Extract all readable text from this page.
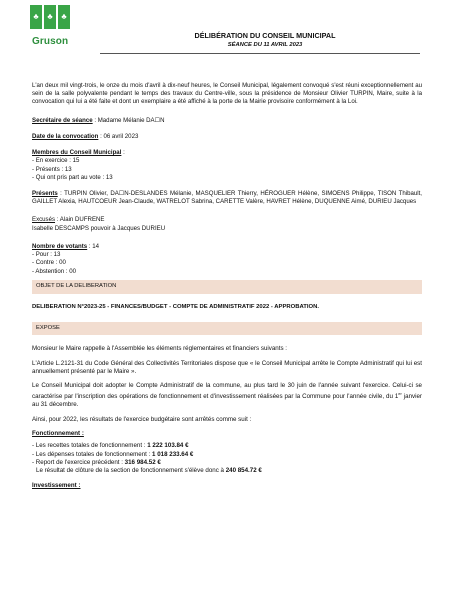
♣ ♣ ♣
Gruson
DÉLIBÉRATION DU CONSEIL MUNICIPAL
SÉANCE DU 11 AVRIL 2023

L'an deux mil vingt-trois, le onze du mois d'avril à dix-neuf heures, le Conseil Municipal, légalement convoqué s'est réuni exceptionnellement au sein de la salle polyvalente pendant le temps des travaux du Centre-ville, sous la présidence de Monsieur Olivier TURPIN, Maire, suite à la convocation qui lui a été faite et dont un exemplaire a été affiché à la porte de la Mairie provisoire conformément à la Loi.

Secrétaire de séance : Madame Mélanie DA☐N
Date de la convocation : 06 avril 2023
Membres du Conseil Municipal :
- En exercice : 15
- Présents : 13
- Qui ont pris part au vote : 13

Présents : TURPIN Olivier, DA☐N-DESLANDES Mélanie, MASQUELIER Thierry, HÉROGUER Hélène, SIMOENS Philippe, TISON Thibault, GAILLET Alexia, HAUTCOEUR Jean-Claude, WATRELOT Sabrina, CARETTE Valère, HAVRET Hélène, DUQUENNE Aimé, DURIEU Jacques

Excusés : Alain DUFRENE
Isabelle DESCAMPS pouvoir à Jacques DURIEU
Nombre de votants : 14
- Pour : 13
- Contre : 00
- Abstention : 00
OBJET DE LA DELIBERATION
DELIBERATION N°2023-25 - FINANCES/BUDGET - COMPTE DE ADMINISTRATIF 2022 - APPROBATION.
EXPOSE

Monsieur le Maire rappelle à l'Assemblée les éléments réglementaires et financiers suivants :

L'Article L.2121-31 du Code Général des Collectivités Territoriales dispose que « le Conseil Municipal arrête le Compte Administratif qui lui est annuellement présenté par le Maire ».

Le Conseil Municipal doit adopter le Compte Administratif de la commune, au plus tard le 30 juin de l'année suivant l'exercice. Celui-ci se caractérise par l'inscription des opérations de fonctionnement et d'investissement réalisées par la Commune pour l'année civile, du 1er janvier au 31 décembre.

Ainsi, pour 2022, les résultats de l'exercice budgétaire sont arrêtés comme suit :

Fonctionnement :
- Les recettes totales de fonctionnement : 1 222 103.84 €
- Les dépenses totales de fonctionnement : 1 018 233.64 €
- Report de l'exercice précédent : 316 984.52 €
Le résultat de clôture de la section de fonctionnement s'élève donc à 240 854.72 €
Investissement :
